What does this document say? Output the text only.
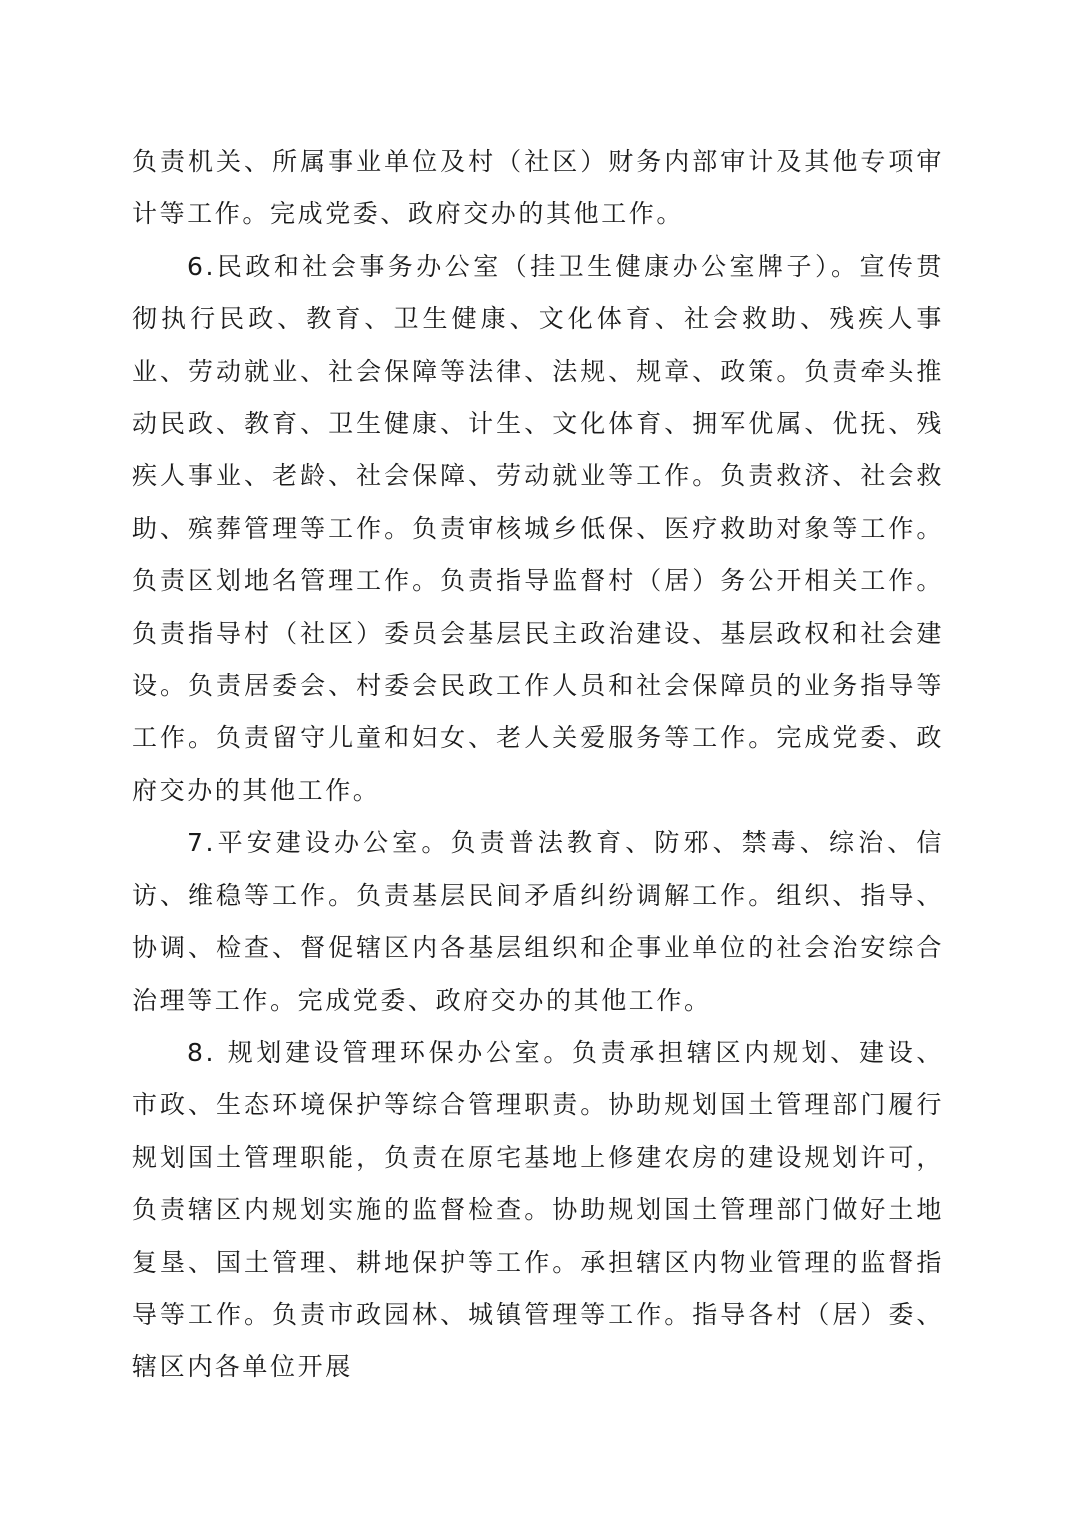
负责机关、所属事业单位及村（社区）财务内部审计及其他专项审计等工作。完成党委、政府交办的其他工作。

6.民政和社会事务办公室（挂卫生健康办公室牌子）。宣传贯彻执行民政、教育、卫生健康、文化体育、社会救助、残疾人事业、劳动就业、社会保障等法律、法规、规章、政策。负责牵头推动民政、教育、卫生健康、计生、文化体育、拥军优属、优抚、残疾人事业、老龄、社会保障、劳动就业等工作。负责救济、社会救助、殡葬管理等工作。负责审核城乡低保、医疗救助对象等工作。负责区划地名管理工作。负责指导监督村（居）务公开相关工作。负责指导村（社区）委员会基层民主政治建设、基层政权和社会建设。负责居委会、村委会民政工作人员和社会保障员的业务指导等工作。负责留守儿童和妇女、老人关爱服务等工作。完成党委、政府交办的其他工作。

7.平安建设办公室。负责普法教育、防邪、禁毒、综治、信访、维稳等工作。负责基层民间矛盾纠纷调解工作。组织、指导、协调、检查、督促辖区内各基层组织和企事业单位的社会治安综合治理等工作。完成党委、政府交办的其他工作。

8. 规划建设管理环保办公室。负责承担辖区内规划、建设、市政、生态环境保护等综合管理职责。协助规划国土管理部门履行规划国土管理职能，负责在原宅基地上修建农房的建设规划许可，负责辖区内规划实施的监督检查。协助规划国土管理部门做好土地复垦、国土管理、耕地保护等工作。承担辖区内物业管理的监督指导等工作。负责市政园林、城镇管理等工作。指导各村（居）委、辖区内各单位开展
